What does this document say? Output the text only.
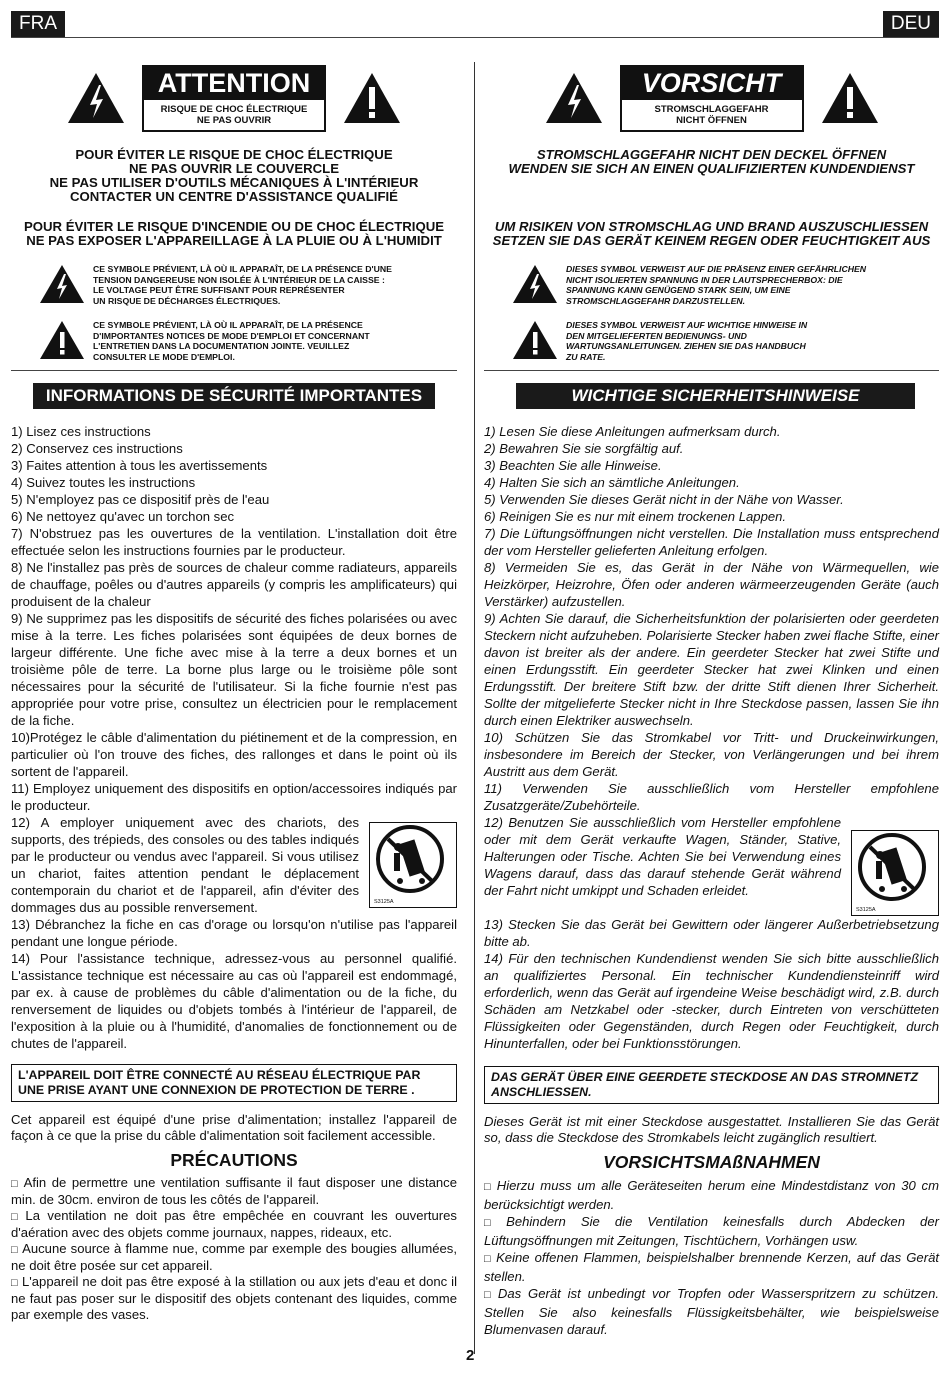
FRA	DEU
ATTENTION
RISQUE DE CHOC ÉLECTRIQUE
NE PAS OUVRIR
POUR ÉVITER LE RISQUE DE CHOC ÉLECTRIQUE
NE PAS OUVRIR LE COUVERCLE
NE PAS UTILISER D'OUTILS MÉCANIQUES À L'INTÉRIEUR
CONTACTER UN CENTRE D'ASSISTANCE QUALIFIÉ
POUR ÉVITER LE RISQUE D'INCENDIE OU DE CHOC ÉLECTRIQUE
NE PAS EXPOSER L'APPAREILLAGE À LA PLUIE OU À L'HUMIDIT
CE SYMBOLE PRÉVIENT, LÀ OÙ IL APPARAÎT, DE LA PRÉSENCE D'UNE
TENSION DANGEREUSE NON ISOLÉE À L'INTÉRIEUR DE LA CAISSE :
LE VOLTAGE PEUT ÊTRE SUFFISANT POUR REPRÉSENTER
UN RISQUE DE DÉCHARGES ÉLECTRIQUES.
CE SYMBOLE PRÉVIENT, LÀ OÙ IL APPARAÎT, DE LA PRÉSENCE
D'IMPORTANTES NOTICES DE MODE D'EMPLOI ET CONCERNANT
L'ENTRETIEN DANS LA DOCUMENTATION JOINTE. VEUILLEZ
CONSULTER LE MODE D'EMPLOI.
INFORMATIONS DE SÉCURITÉ IMPORTANTES

1) Lisez ces instructions

2) Conservez ces instructions

3) Faites attention à tous les avertissements

4) Suivez toutes les instructions

5) N'employez pas ce dispositif près de l'eau

6) Ne nettoyez qu'avec un torchon sec

7) N'obstruez pas les ouvertures de la ventilation. L'installation doit être effectuée selon les instructions fournies par le producteur.

8) Ne l'installez pas près de sources de chaleur comme radiateurs, appareils de chauffage, poêles ou d'autres appareils (y compris les amplificateurs) qui produisent de la chaleur

9) Ne supprimez pas les dispositifs de sécurité des fiches polarisées ou avec mise à la terre. Les fiches polarisées sont équipées de deux bornes de largeur différente. Une fiche avec mise à la terre a deux bornes et un troisième pôle de terre. La borne plus large ou le troisième pôle sont nécessaires pour la sécurité de l'utilisateur. Si la fiche fournie n'est pas appropriée pour votre prise, consultez un électricien pour le remplacement de la fiche.

10)Protégez le câble d'alimentation du piétinement et de la compression, en particulier où l'on trouve des fiches, des rallonges et dans le point où ils sortent de l'appareil.

11) Employez uniquement des dispositifs en option/accessoires indiqués par le producteur.

12) A employer uniquement avec des chariots, des supports, des trépieds, des consoles ou des tables indiqués par le producteur ou vendus avec l'appareil. Si vous utilisez un chariot, faites attention pendant le déplacement contemporain du chariot et de l'appareil, afin d'éviter des dommages dus au possible renversement.	S3125A

13) Débranchez la fiche en cas d'orage ou lorsqu'on n'utilise pas l'appareil pendant une longue période.

14) Pour l'assistance technique, adressez-vous au personnel qualifié. L'assistance technique est nécessaire au cas où l'appareil est endommagé, par ex. à cause de problèmes du câble d'alimentation ou de la fiche, du renversement de liquides ou d'objets tombés à l'intérieur de l'appareil, de l'exposition à la pluie ou à l'humidité, d'anomalies de fonctionnement ou de chutes de l'appareil.

L'APPAREIL DOIT ÊTRE CONNECTÉ AU RÉSEAU ÉLECTRIQUE PAR UNE PRISE AYANT UNE CONNEXION DE PROTECTION DE TERRE .

Cet appareil est équipé d'une prise d'alimentation; installez l'appareil de façon à ce que la prise du câble d'alimentation soit facilement accessible.

PRÉCAUTIONS

□ Afin de permettre une ventilation suffisante il faut disposer une distance min. de 30cm. environ de tous les côtés de l'appareil.

□ La ventilation ne doit pas être empêchée en couvrant les ouvertures d'aération avec des objets comme journaux, nappes, rideaux, etc.

□ Aucune source à flamme nue, comme par exemple des bougies allumées, ne doit être posée sur cet appareil.

□ L'appareil ne doit pas être exposé à la stillation ou aux jets d'eau et donc il ne faut pas poser sur le dispositif des objets contenant des liquides, comme par exemple des vases.

VORSICHT
STROMSCHLAGGEFAHR
NICHT ÖFFNEN
STROMSCHLAGGEFAHR NICHT DEN DECKEL ÖFFNEN
WENDEN SIE SICH AN EINEN QUALIFIZIERTEN KUNDENDIENST
UM RISIKEN VON STROMSCHLAG UND BRAND AUSZUSCHLIESSEN
SETZEN SIE DAS GERÄT KEINEM REGEN ODER FEUCHTIGKEIT AUS
DIESES SYMBOL VERWEIST AUF DIE PRÄSENZ EINER GEFÄHRLICHEN
NICHT ISOLIERTEN SPANNUNG IN DER LAUTSPRECHERBOX: DIE
SPANNUNG KANN GENÜGEND STARK SEIN, UM EINE
STROMSCHLAGGEFAHR DARZUSTELLEN.
DIESES SYMBOL VERWEIST AUF WICHTIGE HINWEISE IN
DEN MITGELIEFERTEN BEDIENUNGS- UND
WARTUNGSANLEITUNGEN. ZIEHEN SIE DAS HANDBUCH
ZU RATE.
WICHTIGE SICHERHEITSHINWEISE

1) Lesen Sie diese Anleitungen aufmerksam durch.

2) Bewahren Sie sie sorgfältig auf.

3) Beachten Sie alle Hinweise.

4) Halten Sie sich an sämtliche Anleitungen.

5) Verwenden Sie dieses Gerät nicht in der Nähe von Wasser.

6) Reinigen Sie es nur mit einem trockenen Lappen.

7) Die Lüftungsöffnungen nicht verstellen. Die Installation muss entsprechend der vom Hersteller gelieferten Anleitung erfolgen.

8) Vermeiden Sie es, das Gerät in der Nähe von Wärmequellen, wie Heizkörper, Heizrohre, Öfen oder anderen wärmeerzeugenden Geräte (auch Verstärker) aufzustellen.

9) Achten Sie darauf, die Sicherheitsfunktion der polarisierten oder geerdeten Steckern nicht aufzuheben. Polarisierte Stecker haben zwei flache Stifte, einer davon ist breiter als der andere. Ein geerdeter Stecker hat zwei Stifte und einen Erdungsstift. Ein geerdeter Stecker hat zwei Klinken und einen Erdungsstift. Der breitere Stift bzw. der dritte Stift dienen Ihrer Sicherheit. Sollte der mitgelieferte Stecker nicht in Ihre Steckdose passen, lassen Sie ihn durch einen Elektriker auswechseln.

10) Schützen Sie das Stromkabel vor Tritt- und Druckeinwirkungen, insbesondere im Bereich der Stecker, von Verlängerungen und bei ihrem Austritt aus dem Gerät.

11) Verwenden Sie ausschließlich vom Hersteller empfohlene Zusatzgeräte/Zubehörteile.

12) Benutzen Sie ausschließlich vom Hersteller empfohlene oder mit dem Gerät verkaufte Wagen, Ständer, Stative, Halterungen oder Tische. Achten Sie bei Verwendung eines Wagens darauf, dass das darauf stehende Gerät während der Fahrt nicht umkippt und Schaden erleidet.

S3125A

13) Stecken Sie das Gerät bei Gewittern oder längerer Außerbetriebsetzung bitte ab.

14) Für den technischen Kundendienst wenden Sie sich bitte ausschließlich an qualifiziertes Personal. Ein technischer Kundendiensteinriff wird erforderlich, wenn das Gerät auf irgendeine Weise beschädigt wird, z.B. durch Schäden am Netzkabel oder -stecker, durch Eintreten von verschütteten Flüssigkeiten oder Gegenständen, durch Regen oder Feuchtigkeit, durch Hinunterfallen, oder bei Funktionsstörungen.

DAS GERÄT ÜBER EINE GEERDETE STECKDOSE AN DAS STROMNETZ ANSCHLIESSEN.

Dieses Gerät ist mit einer Steckdose ausgestattet. Installieren Sie das Gerät so, dass die Steckdose des Stromkabels leicht zugänglich resultiert.

VORSICHTSMAßNAHMEN

□ Hierzu muss um alle Geräteseiten herum eine Mindestdistanz von 30 cm berücksichtigt werden.

□ Behindern Sie die Ventilation keinesfalls durch Abdecken der Lüftungsöffnungen mit Zeitungen, Tischtüchern, Vorhängen usw.

□ Keine offenen Flammen, beispielshalber brennende Kerzen, auf das Gerät stellen.

□ Das Gerät ist unbedingt vor Tropfen oder Wasserspritzern zu schützen. Stellen Sie also keinesfalls Flüssigkeitsbehälter, wie beispielsweise Blumenvasen darauf.

2
